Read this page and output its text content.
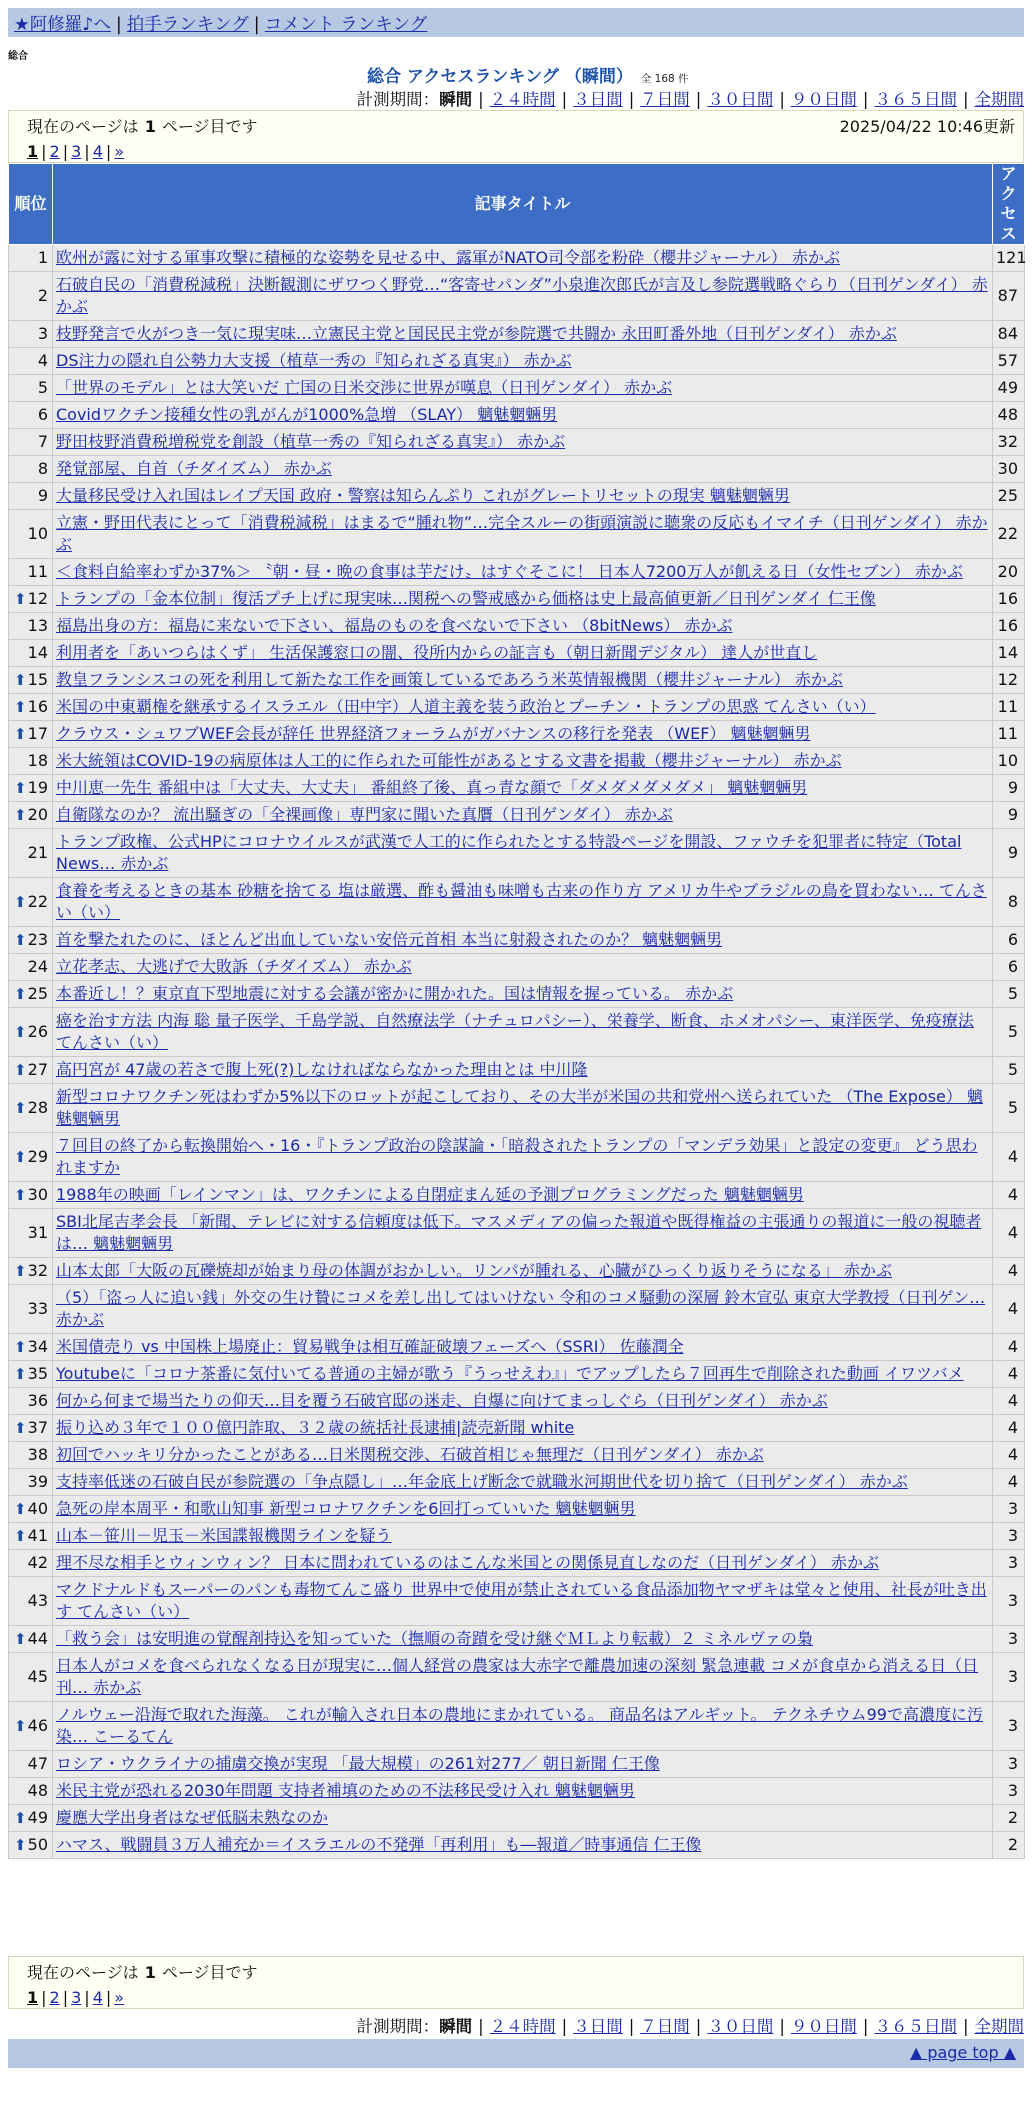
★阿修羅♪へ | 拍手ランキング | コメント ランキング
総合
総合 アクセスランキング （瞬間） 全 168 件
計測期間：瞬間 | ２４時間 | ３日間 | ７日間 | ３０日間 | ９０日間 | ３６５日間 | 全期間
現在のページは 1 ページ目です	2025/04/22 10:46更新
1 | 2 | 3 | 4 | »
順位	記事タイトル	アクセス
1	欧州が露に対する軍事攻撃に積極的な姿勢を見せる中、露軍がNATO司令部を粉砕（櫻井ジャーナル） 赤かぶ	121
2	石破自民の「消費税減税」決断観測にザワつく野党…“客寄せパンダ”小泉進次郎氏が言及し参院選戦略ぐらり（日刊ゲンダイ） 赤かぶ	87
3	枝野発言で火がつき一気に現実味…立憲民主党と国民民主党が参院選で共闘か 永田町番外地（日刊ゲンダイ） 赤かぶ	84
4	DS注力の隠れ自公勢力大支援（植草一秀の『知られざる真実』） 赤かぶ	57
5	「世界のモデル」とは大笑いだ 亡国の日米交渉に世界が嘆息（日刊ゲンダイ） 赤かぶ	49
6	Covidワクチン接種女性の乳がんが1000%急増 （SLAY） 魑魅魍魎男	48
7	野田枝野消費税増税党を創設（植草一秀の『知られざる真実』） 赤かぶ	32
8	発覚部屋、自首（チダイズム） 赤かぶ	30
9	大量移民受け入れ国はレイプ天国 政府・警察は知らんぷり これがグレートリセットの現実 魑魅魍魎男	25
10	立憲・野田代表にとって「消費税減税」はまるで“腫れ物”…完全スルーの街頭演説に聴衆の反応もイマイチ（日刊ゲンダイ） 赤かぶ	22
11	＜食料自給率わずか37%＞ 〝朝・昼・晩の食事は芋だけ〟はすぐそこに！ 日本人7200万人が飢える日（女性セブン） 赤かぶ	20

⬆ 12	トランプの「金本位制」復活プチ上げに現実味…関税への警戒感から価格は史上最高値更新／日刊ゲンダイ 仁王像	16
13	福島出身の方：福島に来ないで下さい、福島のものを食べないで下さい （8bitNews） 赤かぶ	16
14	利用者を「あいつらはくず」 生活保護窓口の闇、役所内からの証言も（朝日新聞デジタル） 達人が世直し	14

⬆ 15	教皇フランシスコの死を利用して新たな工作を画策しているであろう米英情報機関（櫻井ジャーナル） 赤かぶ	12

⬆ 16	米国の中東覇権を継承するイスラエル（田中宇）人道主義を装う政治とプーチン・トランプの思惑 てんさい（い）	11

⬆ 17	クラウス・シュワブWEF会長が辞任 世界経済フォーラムがガバナンスの移行を発表 （WEF） 魑魅魍魎男	11
18	米大統領はCOVID-19の病原体は人工的に作られた可能性があるとする文書を掲載（櫻井ジャーナル） 赤かぶ	10

⬆ 19	中川恵一先生 番組中は「大丈夫、大丈夫」 番組終了後、真っ青な顔で「ダメダメダメダメ」 魑魅魍魎男	9

⬆ 20	自衛隊なのか？ 流出騒ぎの「全裸画像」専門家に聞いた真贋（日刊ゲンダイ） 赤かぶ	9
21	トランプ政権、公式HPにコロナウイルスが武漢で人工的に作られたとする特設ページを開設、ファウチを犯罪者に特定（Total News… 赤かぶ	9

⬆ 22	食養を考えるときの基本 砂糖を捨てる 塩は厳選、酢も醤油も味噌も古来の作り方 アメリカ牛やブラジルの鳥を買わない… てんさい（い）	8

⬆ 23	首を撃たれたのに、ほとんど出血していない安倍元首相 本当に射殺されたのか？ 魑魅魍魎男	6
24	立花孝志、大逃げで大敗訴（チダイズム） 赤かぶ	6

⬆ 25	本番近し！？東京直下型地震に対する会議が密かに開かれた。国は情報を握っている。 赤かぶ	5

⬆ 26	癌を治す方法 内海 聡 量子医学、千島学説、自然療法学（ナチュロパシー）、栄養学、断食、ホメオパシー、東洋医学、免疫療法 てんさい（い）	5

⬆ 27	高円宮が 47歳の若さで腹上死(?)しなければならなかった理由とは 中川隆	5

⬆ 28	新型コロナワクチン死はわずか5%以下のロットが起こしており、その大半が米国の共和党州へ送られていた （The Expose） 魑魅魍魎男	5

⬆ 29	７回目の終了から転換開始へ・16・『トランプ政治の陰謀論・「暗殺されたトランプの「マンデラ効果」と設定の変更』 どう思われますか	4

⬆ 30	1988年の映画「レインマン」は、ワクチンによる自閉症まん延の予測プログラミングだった 魑魅魍魎男	4
31	SBI北尾吉孝会長 「新聞、テレビに対する信頼度は低下。マスメディアの偏った報道や既得権益の主張通りの報道に一般の視聴者は… 魑魅魍魎男	4

⬆ 32	山本太郎「大阪の瓦礫焼却が始まり母の体調がおかしい。リンパが腫れる、心臓がひっくり返りそうになる」 赤かぶ	4
33	（5）「盗っ人に追い銭」外交の生け贄にコメを差し出してはいけない 令和のコメ騒動の深層 鈴木宣弘 東京大学教授（日刊ゲン… 赤かぶ	4

⬆ 34	米国債売り vs 中国株上場廃止：貿易戦争は相互確証破壊フェーズへ（SSRI） 佐藤潤全	4

⬆ 35	Youtubeに「コロナ茶番に気付いてる普通の主婦が歌う『うっせえわ』」でアップしたら７回再生で削除された動画 イワツバメ	4
36	何から何まで場当たりの仰天…目を覆う石破官邸の迷走、自爆に向けてまっしぐら（日刊ゲンダイ） 赤かぶ	4

⬆ 37	振り込め３年で１００億円詐取、３２歳の統括社長逮捕|読売新聞 white	4
38	初回でハッキリ分かったことがある…日米関税交渉、石破首相じゃ無理だ（日刊ゲンダイ） 赤かぶ	4
39	支持率低迷の石破自民が参院選の「争点隠し」…年金底上げ断念で就職氷河期世代を切り捨て（日刊ゲンダイ） 赤かぶ	4

⬆ 40	急死の岸本周平・和歌山知事 新型コロナワクチンを6回打っていいた 魑魅魍魎男	3

⬆ 41	山本－笹川－児玉－米国諜報機関ラインを疑う	3
42	理不尽な相手とウィンウィン？ 日本に問われているのはこんな米国との関係見直しなのだ（日刊ゲンダイ） 赤かぶ	3
43	マクドナルドもスーパーのパンも毒物てんこ盛り 世界中で使用が禁止されている食品添加物ヤマザキは堂々と使用、社長が吐き出す てんさい（い）	3

⬆ 44	「救う会」は安明進の覚醒剤持込を知っていた（撫順の奇蹟を受け継ぐＭＬより転載）２ ミネルヴァの梟	3
45	日本人がコメを食べられなくなる日が現実に…個人経営の農家は大赤字で離農加速の深刻 緊急連載 コメが食卓から消える日（日刊… 赤かぶ	3

⬆ 46	ノルウェー沿海で取れた海藻。 これが輸入され日本の農地にまかれている。 商品名はアルギット。 テクネチウム99で高濃度に汚染… こーるてん	3
47	ロシア・ウクライナの捕虜交換が実現 「最大規模」の261対277／ 朝日新聞 仁王像	3
48	米民主党が恐れる2030年問題 支持者補填のための不法移民受け入れ 魑魅魍魎男	3

⬆ 49	慶應大学出身者はなぜ低脳未熟なのか	2

⬆ 50	ハマス、戦闘員３万人補充か＝イスラエルの不発弾「再利用」も―報道／時事通信 仁王像	2
現在のページは 1 ページ目です
1 | 2 | 3 | 4 | »
計測期間：瞬間 | ２４時間 | ３日間 | ７日間 | ３０日間 | ９０日間 | ３６５日間 | 全期間
▲ page top ▲
